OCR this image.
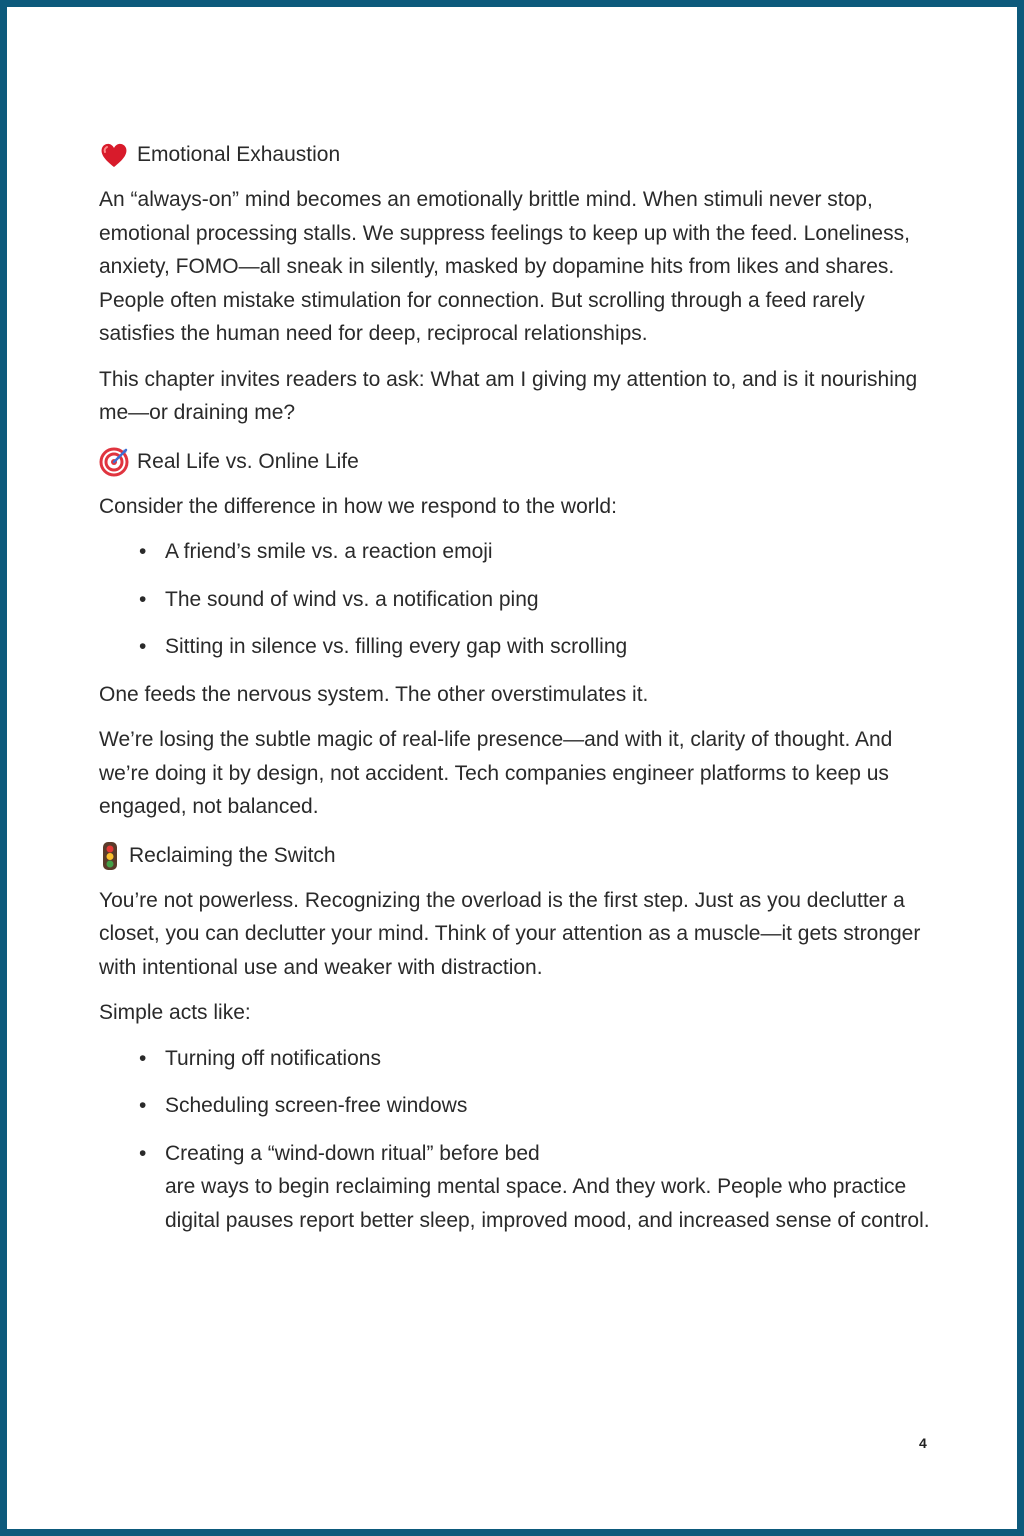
Emotional Exhaustion

An “always-on” mind becomes an emotionally brittle mind. When stimuli never stop, emotional processing stalls. We suppress feelings to keep up with the feed. Loneliness, anxiety, FOMO—all sneak in silently, masked by dopamine hits from likes and shares. People often mistake stimulation for connection. But scrolling through a feed rarely satisfies the human need for deep, reciprocal relationships.

This chapter invites readers to ask: What am I giving my attention to, and is it nourishing me—or draining me?

Real Life vs. Online Life

Consider the difference in how we respond to the world:

• A friend’s smile vs. a reaction emoji
• The sound of wind vs. a notification ping
• Sitting in silence vs. filling every gap with scrolling

One feeds the nervous system. The other overstimulates it.

We’re losing the subtle magic of real-life presence—and with it, clarity of thought. And we’re doing it by design, not accident. Tech companies engineer platforms to keep us engaged, not balanced.

Reclaiming the Switch

You’re not powerless. Recognizing the overload is the first step. Just as you declutter a closet, you can declutter your mind. Think of your attention as a muscle—it gets stronger with intentional use and weaker with distraction.

Simple acts like:

• Turning off notifications
• Scheduling screen-free windows
• Creating a “wind-down ritual” before bed
are ways to begin reclaiming mental space. And they work. People who practice digital pauses report better sleep, improved mood, and increased sense of control.
4
